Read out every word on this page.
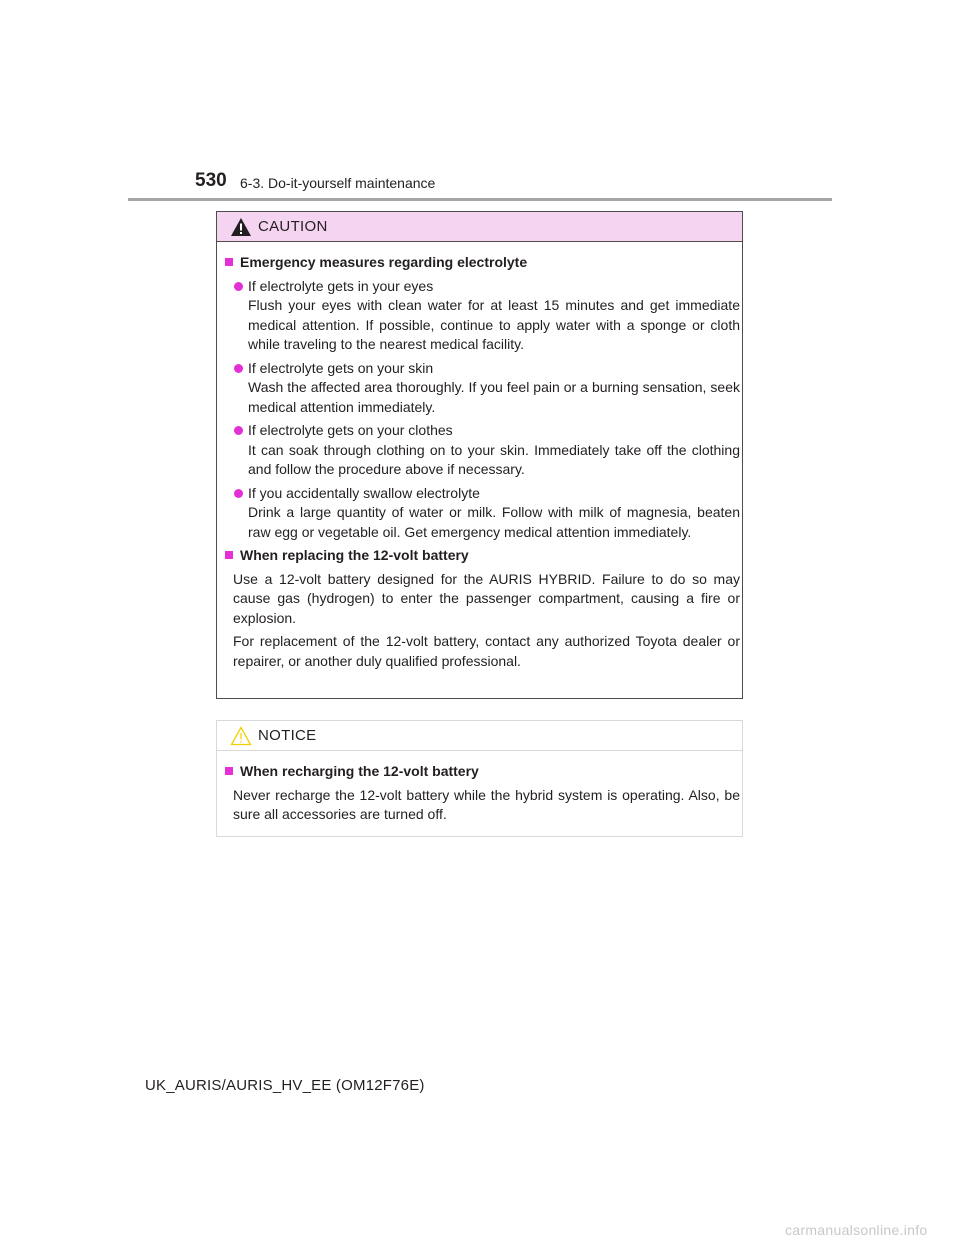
530 6-3. Do-it-yourself maintenance
CAUTION
Emergency measures regarding electrolyte

If electrolyte gets in your eyes

Flush your eyes with clean water for at least 15 minutes and get immediate medical attention. If possible, continue to apply water with a sponge or cloth while traveling to the nearest medical facility.

If electrolyte gets on your skin

Wash the affected area thoroughly. If you feel pain or a burning sensation, seek medical attention immediately.

If electrolyte gets on your clothes

It can soak through clothing on to your skin. Immediately take off the clothing and follow the procedure above if necessary.

If you accidentally swallow electrolyte

Drink a large quantity of water or milk. Follow with milk of magnesia, beaten raw egg or vegetable oil. Get emergency medical attention immediately.

When replacing the 12-volt battery

Use a 12-volt battery designed for the AURIS HYBRID. Failure to do so may cause gas (hydrogen) to enter the passenger compartment, causing a fire or explosion.

For replacement of the 12-volt battery, contact any authorized Toyota dealer or repairer, or another duly qualified professional.

NOTICE
When recharging the 12-volt battery

Never recharge the 12-volt battery while the hybrid system is operating. Also, be sure all accessories are turned off.

UK_AURIS/AURIS_HV_EE (OM12F76E)
carmanualsonline.info
